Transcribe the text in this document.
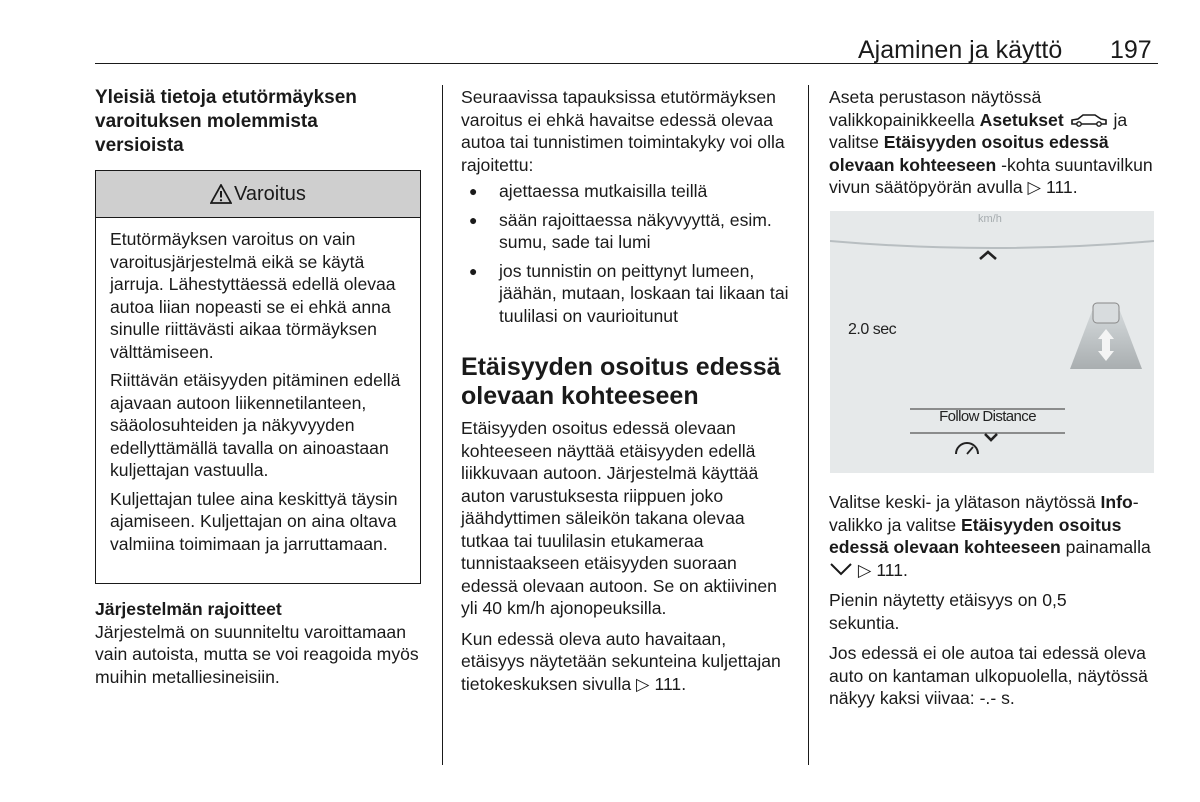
Ajaminen ja käyttö 197

Yleisiä tietoja etutörmäyksen varoituksen molemmista versioista

Varoitus

Etutörmäyksen varoitus on vain varoitusjärjestelmä eikä se käytä jarruja. Lähestyttäessä edellä olevaa autoa liian nopeasti se ei ehkä anna sinulle riittävästi aikaa törmäyksen välttämiseen.

Riittävän etäisyyden pitäminen edellä ajavaan autoon liikennetilanteen, sääolosuhteiden ja näkyvyyden edellyttämällä tavalla on ainoastaan kuljettajan vastuulla.

Kuljettajan tulee aina keskittyä täysin ajamiseen. Kuljettajan on aina oltava valmiina toimimaan ja jarruttamaan.

Järjestelmän rajoitteet

Järjestelmä on suunniteltu varoittamaan vain autoista, mutta se voi reagoida myös muihin metalliesineisiin.

Seuraavissa tapauksissa etutörmäyksen varoitus ei ehkä havaitse edessä olevaa autoa tai tunnistimen toimintakyky voi olla rajoitettu:

● ajettaessa mutkaisilla teillä
● sään rajoittaessa näkyvyyttä, esim. sumu, sade tai lumi
● jos tunnistin on peittynyt lumeen, jäähän, mutaan, loskaan tai likaan tai tuulilasi on vaurioitunut

Etäisyyden osoitus edessä olevaan kohteeseen

Etäisyyden osoitus edessä olevaan kohteeseen näyttää etäisyyden edellä liikkuvaan autoon. Järjestelmä käyttää auton varustuksesta riippuen joko jäähdyttimen säleikön takana olevaa tutkaa tai tuulilasin etukameraa tunnistaakseen etäisyyden suoraan edessä olevaan autoon. Se on aktiivinen yli 40 km/h ajonopeuksilla.

Kun edessä oleva auto havaitaan, etäisyys näytetään sekunteina kuljettajan tietokeskuksen sivulla ▷ 111.

Aseta perustason näytössä valikkopainikkeella Asetukset	ja valitse Etäisyyden osoitus edessä olevaan kohteeseen -kohta suuntavilkun vivun säätöpyörän avulla ▷ 111.

km/h
2.0 sec
Follow Distance

Valitse keski- ja ylätason näytössä Info-valikko ja valitse Etäisyyden osoitus edessä olevaan kohteeseen painamalla  ▷ 111.

Pienin näytetty etäisyys on 0,5 sekuntia.

Jos edessä ei ole autoa tai edessä oleva auto on kantaman ulkopuolella, näytössä näkyy kaksi viivaa: -.- s.
